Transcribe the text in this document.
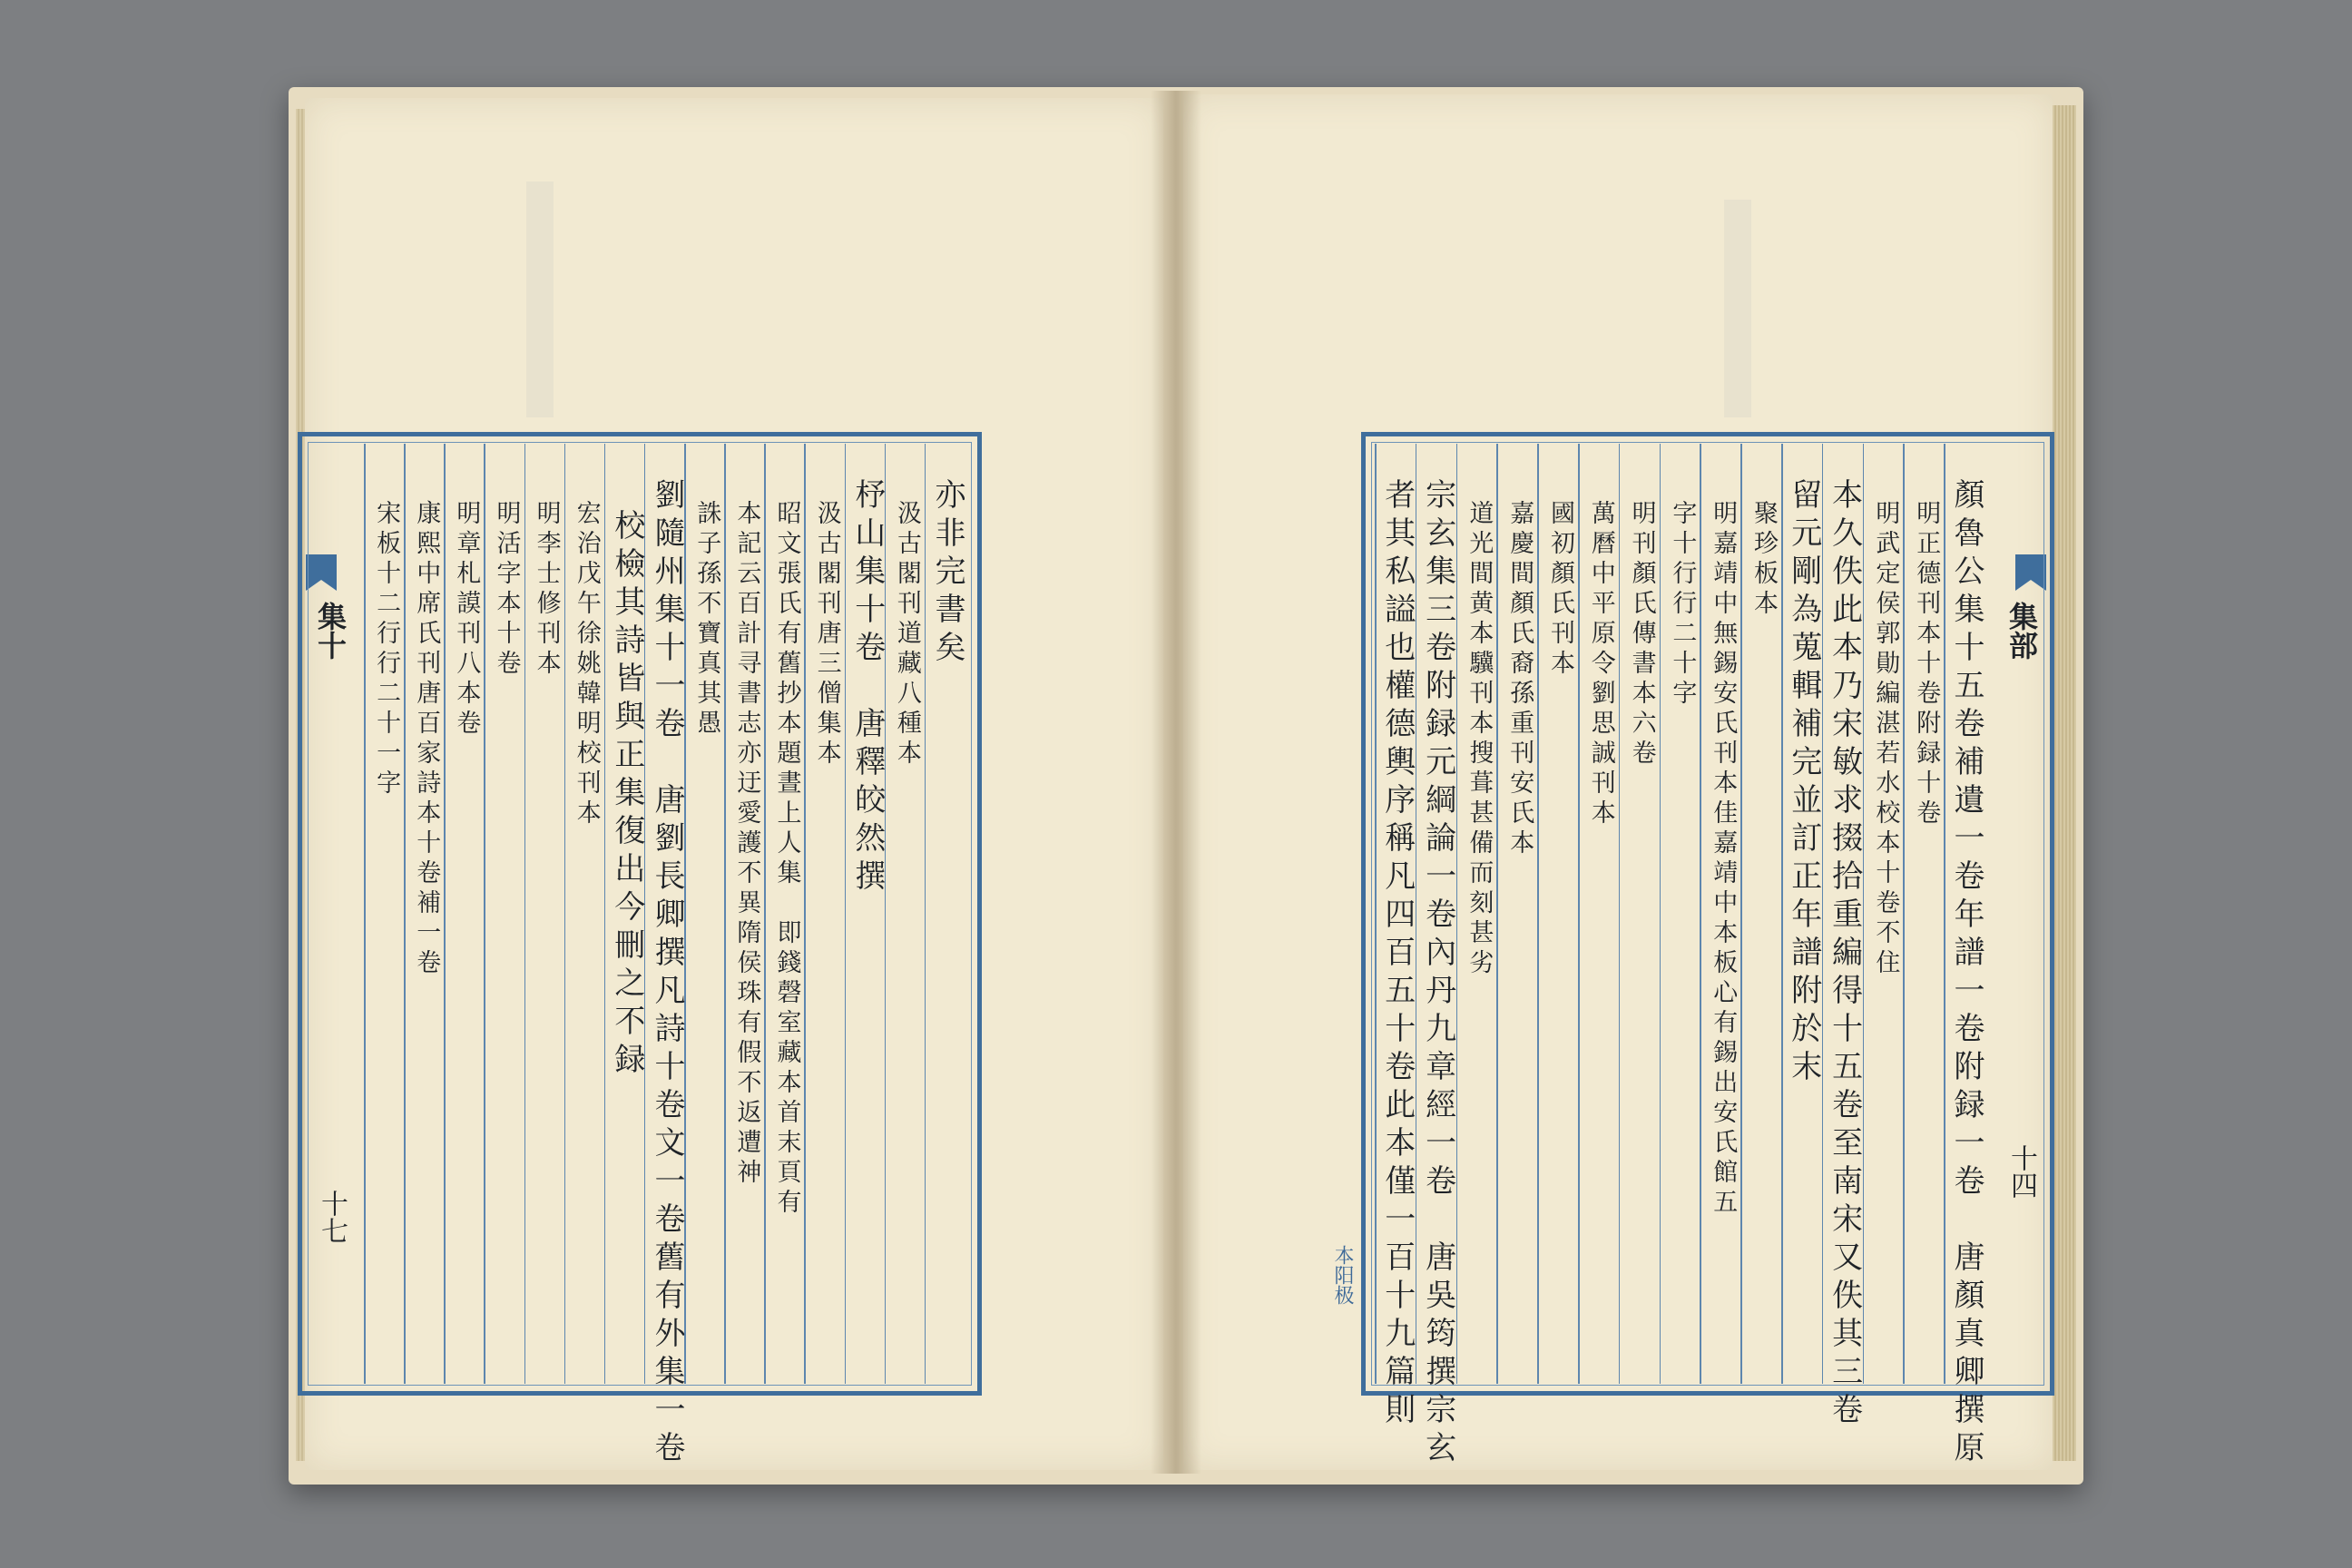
集十
十七
亦非完書矣
汲古閣刊道藏八種本
杼山集十卷　唐釋皎然撰
汲古閣刊唐三僧集本
昭文張氏有舊抄本題晝上人集　即錢磬室藏本首末頁有
本記云百計寻書志亦迂愛護不異隋侯珠有假不返遭神
誅子孫不寶真其愚
劉隨州集十一卷　唐劉長卿撰凡詩十卷文一卷舊有外集一卷
校檢其詩皆與正集復出今刪之不録
宏治戊午徐姚韓明校刊本
明李士修刊本
明活字本十卷
明章札謨刊八本卷
康熙中席氏刊唐百家詩本十卷補一卷
宋板十二行行二十一字	集部
十四
顏魯公集十五卷補遺一卷年譜一卷附録一卷　唐顏真卿撰原
明正德刊本十卷附録十卷
明武定侯郭勛編湛若水校本十卷不住
本久佚此本乃宋敏求掇拾重編得十五卷至南宋又佚其三卷
留元剛為蒐輯補完並訂正年譜附於末
聚珍板本
明嘉靖中無錫安氏刊本佳嘉靖中本板心有錫出安氏館五
字十行行二十字
明刊顏氏傳書本六卷
萬曆中平原令劉思誠刊本
國初顏氏刊本
嘉慶間顏氏裔孫重刊安氏本
道光間黄本驥刊本搜葺甚備而刻甚劣
宗玄集三卷附録元綱論一卷內丹九章經一卷　唐吳筠撰宗玄
者其私謚也權德輿序稱凡四百五十卷此本僅一百十九篇則
本阳极
